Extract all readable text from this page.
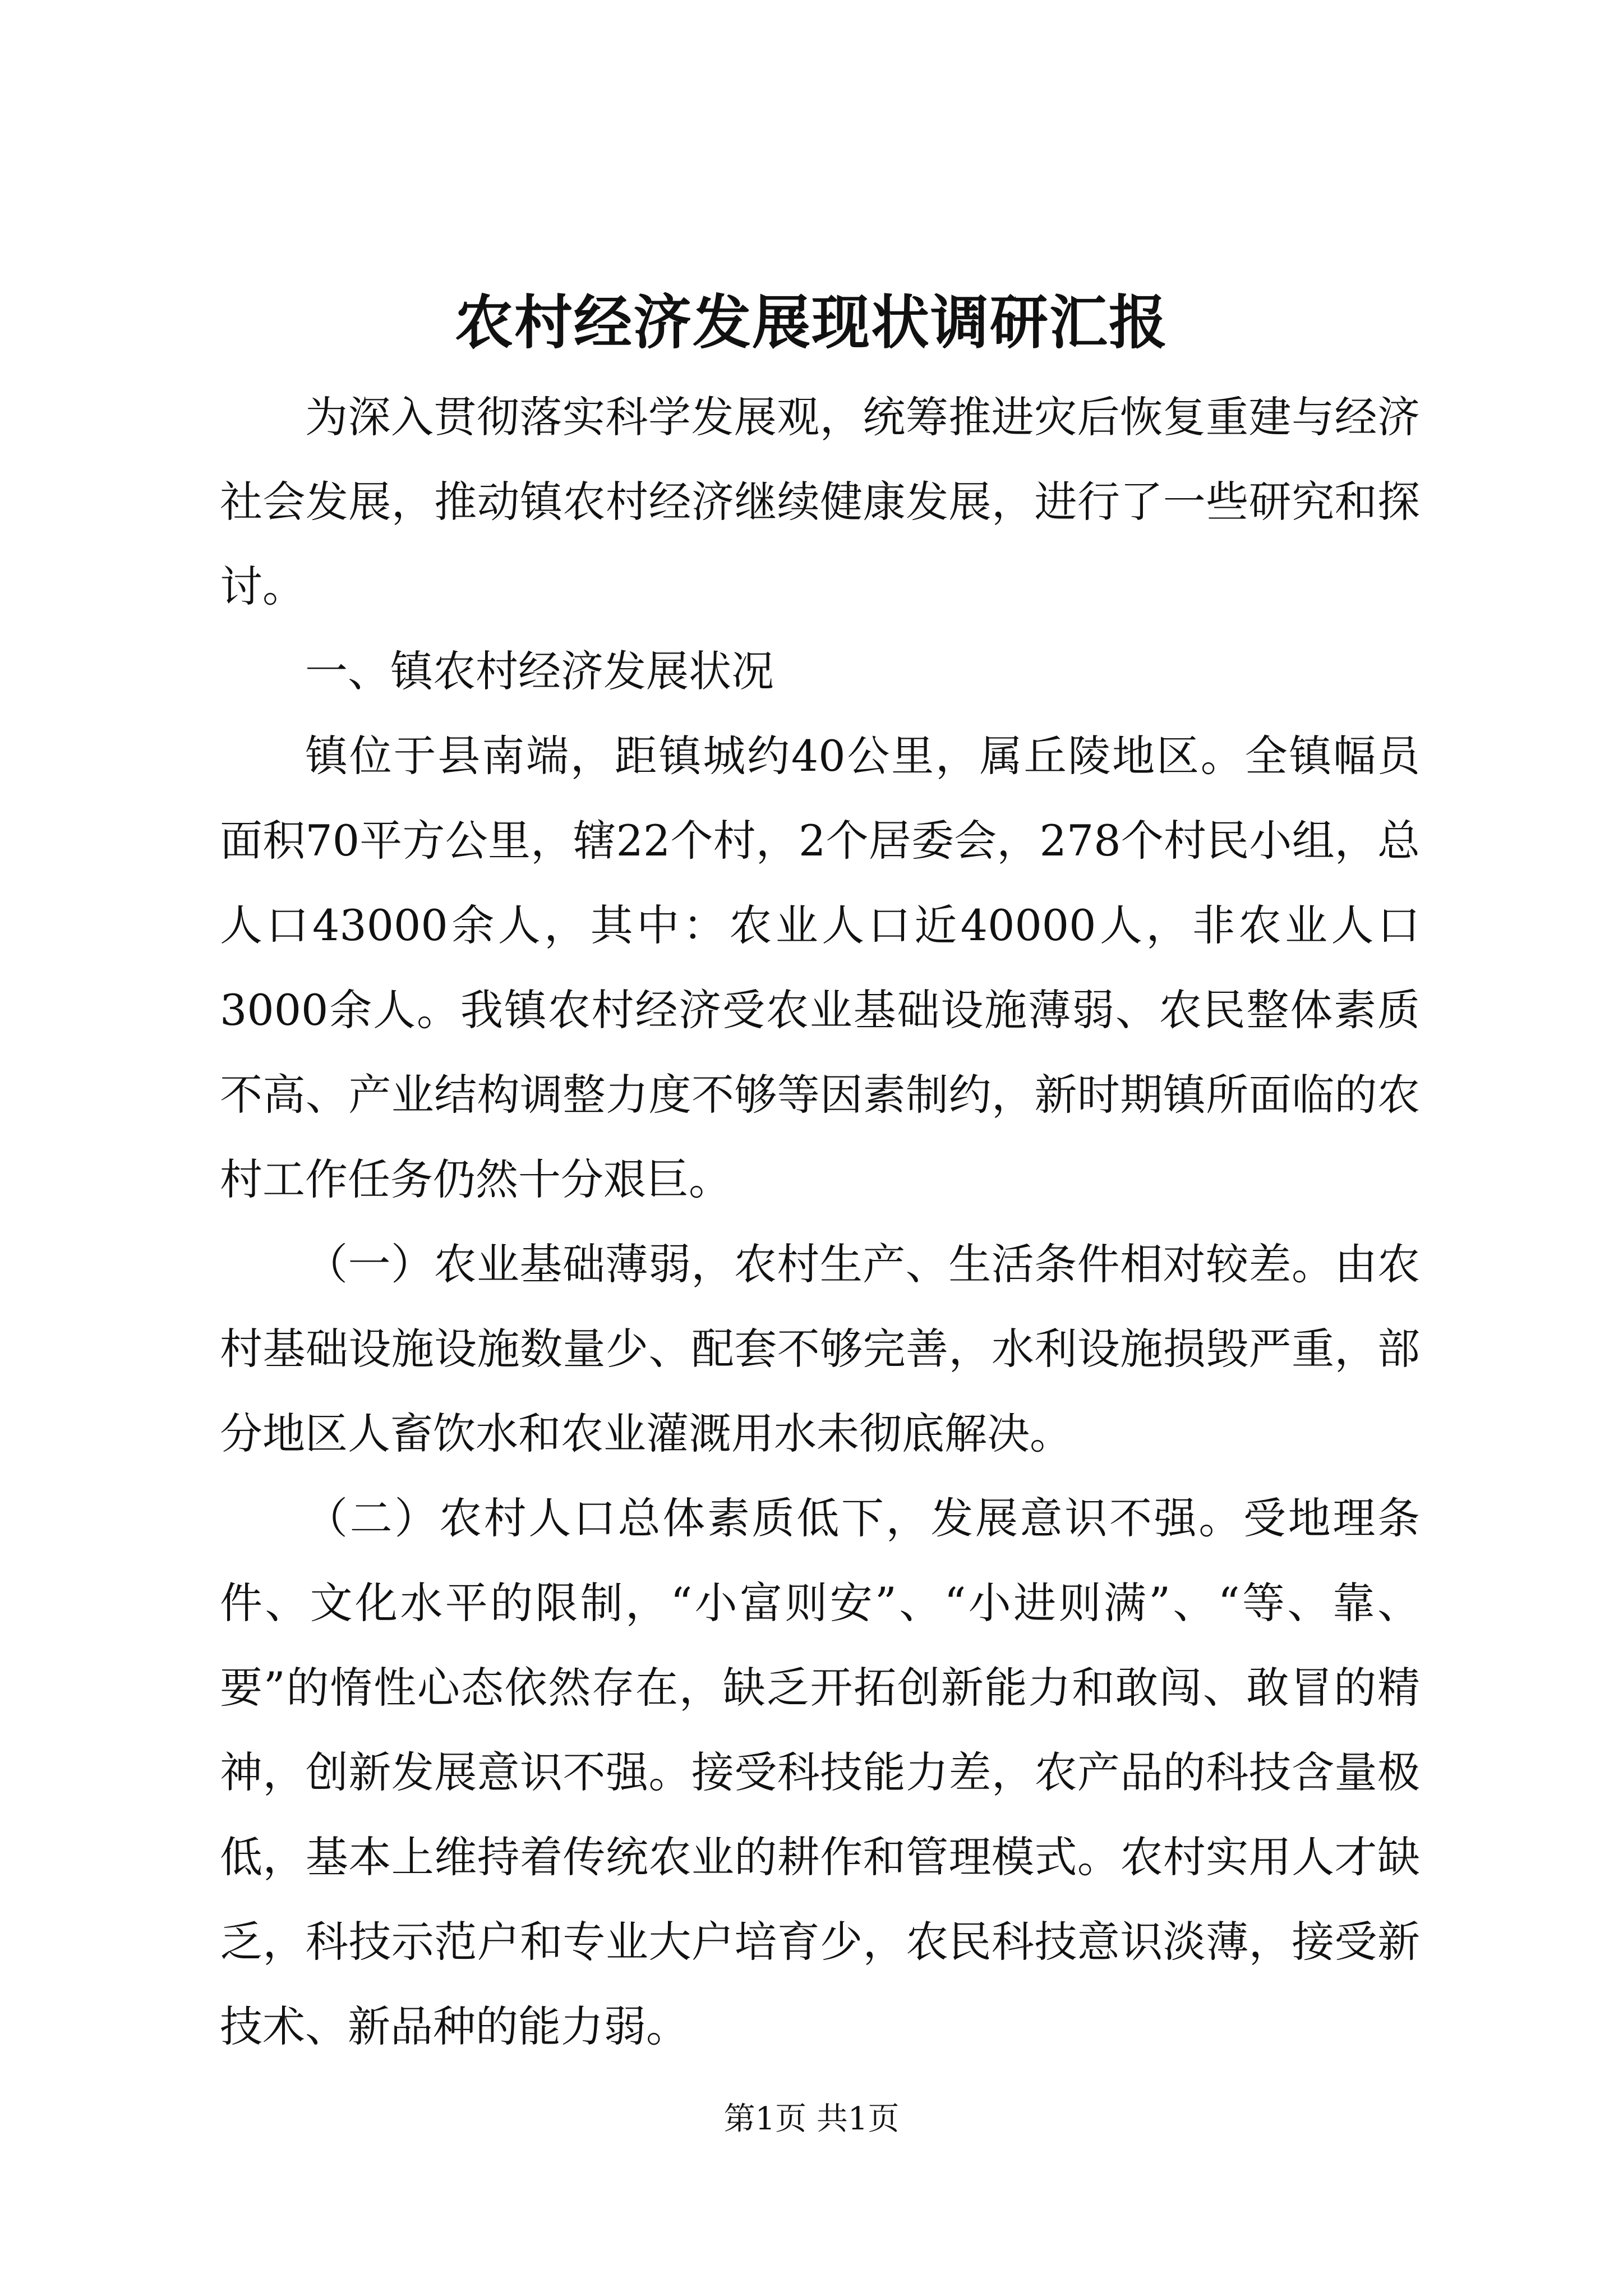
农村经济发展现状调研汇报

为深入贯彻落实科学发展观，统筹推进灾后恢复重建与经济社会发展，推动镇农村经济继续健康发展，进行了一些研究和探讨。

一、镇农村经济发展状况

镇位于县南端，距镇城约40公里，属丘陵地区。全镇幅员面积70平方公里，辖22个村，2个居委会，278个村民小组，总人口43000余人，其中：农业人口近40000人，非农业人口3000余人。我镇农村经济受农业基础设施薄弱、农民整体素质不高、产业结构调整力度不够等因素制约，新时期镇所面临的农村工作任务仍然十分艰巨。

（一）农业基础薄弱，农村生产、生活条件相对较差。由农村基础设施设施数量少、配套不够完善，水利设施损毁严重，部分地区人畜饮水和农业灌溉用水未彻底解决。

（二）农村人口总体素质低下，发展意识不强。受地理条件、文化水平的限制，“小富则安”、“小进则满”、“等、靠、要”的惰性心态依然存在，缺乏开拓创新能力和敢闯、敢冒的精神，创新发展意识不强。接受科技能力差，农产品的科技含量极低，基本上维持着传统农业的耕作和管理模式。农村实用人才缺乏，科技示范户和专业大户培育少，农民科技意识淡薄，接受新技术、新品种的能力弱。

第1页 共1页
